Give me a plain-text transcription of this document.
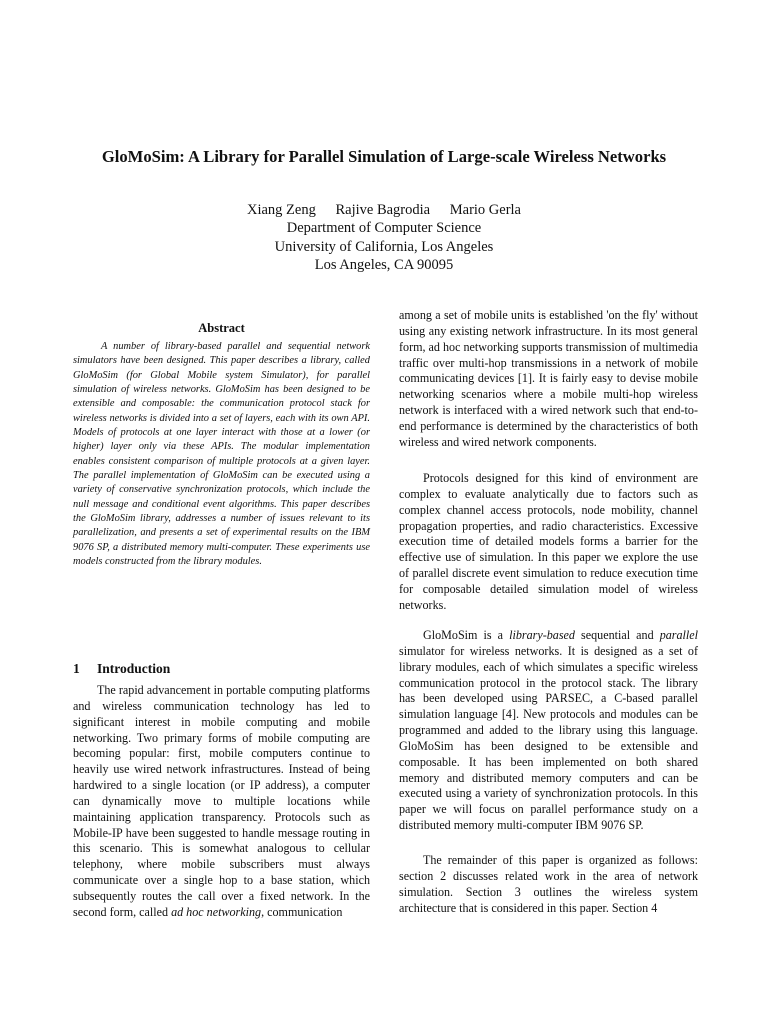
GloMoSim: A Library for Parallel Simulation of Large-scale Wireless Networks
Xiang Zeng Rajive Bagrodia Mario Gerla
Department of Computer Science
University of California, Los Angeles
Los Angeles, CA 90095
Abstract

A number of library-based parallel and sequential network simulators have been designed. This paper describes a library, called GloMoSim (for Global Mobile system Simulator), for parallel simulation of wireless networks. GloMoSim has been designed to be extensible and composable: the communication protocol stack for wireless networks is divided into a set of layers, each with its own API. Models of protocols at one layer interact with those at a lower (or higher) layer only via these APIs. The modular implementation enables consistent comparison of multiple protocols at a given layer. The parallel implementation of GloMoSim can be executed using a variety of conservative synchronization protocols, which include the null message and conditional event algorithms. This paper describes the GloMoSim library, addresses a number of issues relevant to its parallelization, and presents a set of experimental results on the IBM 9076 SP, a distributed memory multi-computer. These experiments use models constructed from the library modules.

1 Introduction

The rapid advancement in portable computing platforms and wireless communication technology has led to significant interest in mobile computing and mobile networking. Two primary forms of mobile computing are becoming popular: first, mobile computers continue to heavily use wired network infrastructures. Instead of being hardwired to a single location (or IP address), a computer can dynamically move to multiple locations while maintaining application transparency. Protocols such as Mobile-IP have been suggested to handle message routing in this scenario. This is somewhat analogous to cellular telephony, where mobile subscribers must always communicate over a single hop to a base station, which subsequently routes the call over a fixed network. In the second form, called ad hoc networking, communication

among a set of mobile units is established 'on the fly' without using any existing network infrastructure. In its most general form, ad hoc networking supports transmission of multimedia traffic over multi-hop transmissions in a network of mobile communicating devices [1]. It is fairly easy to devise mobile networking scenarios where a mobile multi-hop wireless network is interfaced with a wired network such that end-to-end performance is determined by the characteristics of both wireless and wired network components.

Protocols designed for this kind of environment are complex to evaluate analytically due to factors such as complex channel access protocols, node mobility, channel propagation properties, and radio characteristics. Excessive execution time of detailed models forms a barrier for the effective use of simulation. In this paper we explore the use of parallel discrete event simulation to reduce execution time for composable detailed simulation model of wireless networks.

GloMoSim is a library-based sequential and parallel simulator for wireless networks. It is designed as a set of library modules, each of which simulates a specific wireless communication protocol in the protocol stack. The library has been developed using PARSEC, a C-based parallel simulation language [4]. New protocols and modules can be programmed and added to the library using this language. GloMoSim has been designed to be extensible and composable. It has been implemented on both shared memory and distributed memory computers and can be executed using a variety of synchronization protocols. In this paper we will focus on parallel performance study on a distributed memory multi-computer IBM 9076 SP.

The remainder of this paper is organized as follows: section 2 discusses related work in the area of network simulation. Section 3 outlines the wireless system architecture that is considered in this paper. Section 4
